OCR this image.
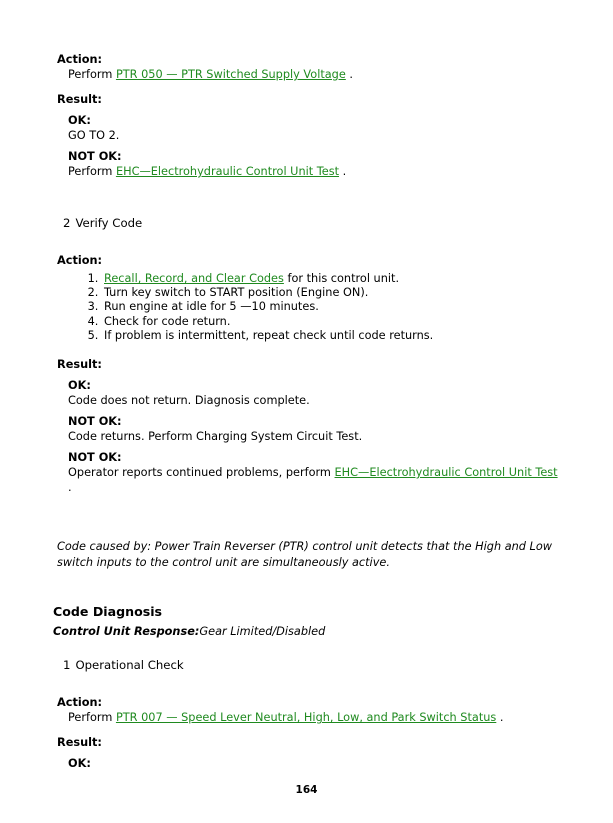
Action:
Perform PTR 050 — PTR Switched Supply Voltage .
Result:
OK:
GO TO 2.
NOT OK:
Perform EHC—Electrohydraulic Control Unit Test .
2 Verify Code
Action:
1. Recall, Record, and Clear Codes for this control unit.
2. Turn key switch to START position (Engine ON).
3. Run engine at idle for 5 —10 minutes.
4. Check for code return.
5. If problem is intermittent, repeat check until code returns.
Result:
OK:
Code does not return. Diagnosis complete.
NOT OK:
Code returns. Perform Charging System Circuit Test.
NOT OK:
Operator reports continued problems, perform EHC—Electrohydraulic Control Unit Test .
Code caused by: Power Train Reverser (PTR) control unit detects that the High and Low switch inputs to the control unit are simultaneously active.
Code Diagnosis
Control Unit Response:Gear Limited/Disabled
1 Operational Check
Action:
Perform PTR 007 — Speed Lever Neutral, High, Low, and Park Switch Status .
Result:
OK:
164
